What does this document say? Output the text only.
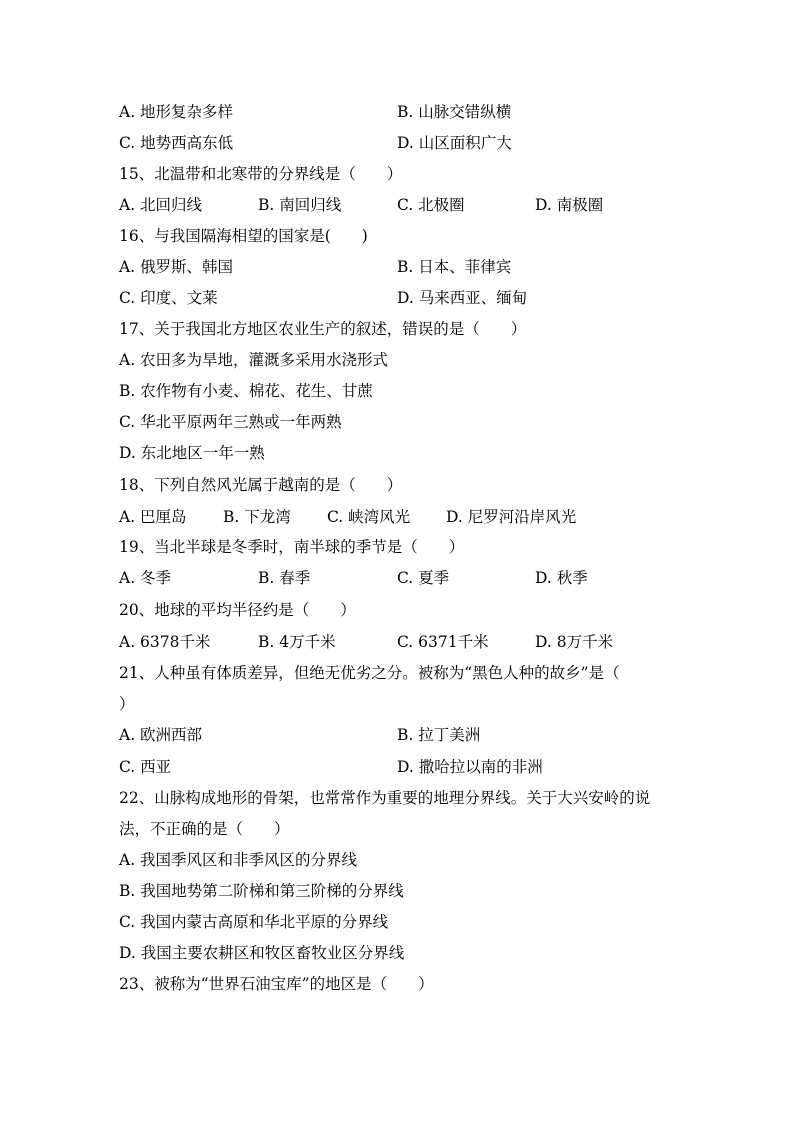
A. 地形复杂多样	B. 山脉交错纵横
C. 地势西高东低	D. 山区面积广大
15、北温带和北寒带的分界线是（　　）
A. 北回归线	B. 南回归线	C. 北极圈	D. 南极圈
16、与我国隔海相望的国家是(　　)
A. 俄罗斯、韩国	B. 日本、菲律宾
C. 印度、文莱	D. 马来西亚、缅甸
17、关于我国北方地区农业生产的叙述，错误的是（　　）
A. 农田多为旱地，灌溉多采用水浇形式
B. 农作物有小麦、棉花、花生、甘蔗
C. 华北平原两年三熟或一年两熟
D. 东北地区一年一熟
18、下列自然风光属于越南的是（　　）
A. 巴厘岛 B. 下龙湾 C. 峡湾风光 D. 尼罗河沿岸风光
19、当北半球是冬季时，南半球的季节是（　　）
A. 冬季	B. 春季	C. 夏季	D. 秋季
20、地球的平均半径约是（　　）
A. 6378千米	B. 4万千米	C. 6371千米	D. 8万千米
21、人种虽有体质差异，但绝无优劣之分。被称为“黑色人种的故乡”是（
）
A. 欧洲西部	B. 拉丁美洲
C. 西亚	D. 撒哈拉以南的非洲
22、山脉构成地形的骨架，也常常作为重要的地理分界线。关于大兴安岭的说
法，不正确的是（　　）
A. 我国季风区和非季风区的分界线
B. 我国地势第二阶梯和第三阶梯的分界线
C. 我国内蒙古高原和华北平原的分界线
D. 我国主要农耕区和牧区畜牧业区分界线
23、被称为“世界石油宝库”的地区是（　　）
